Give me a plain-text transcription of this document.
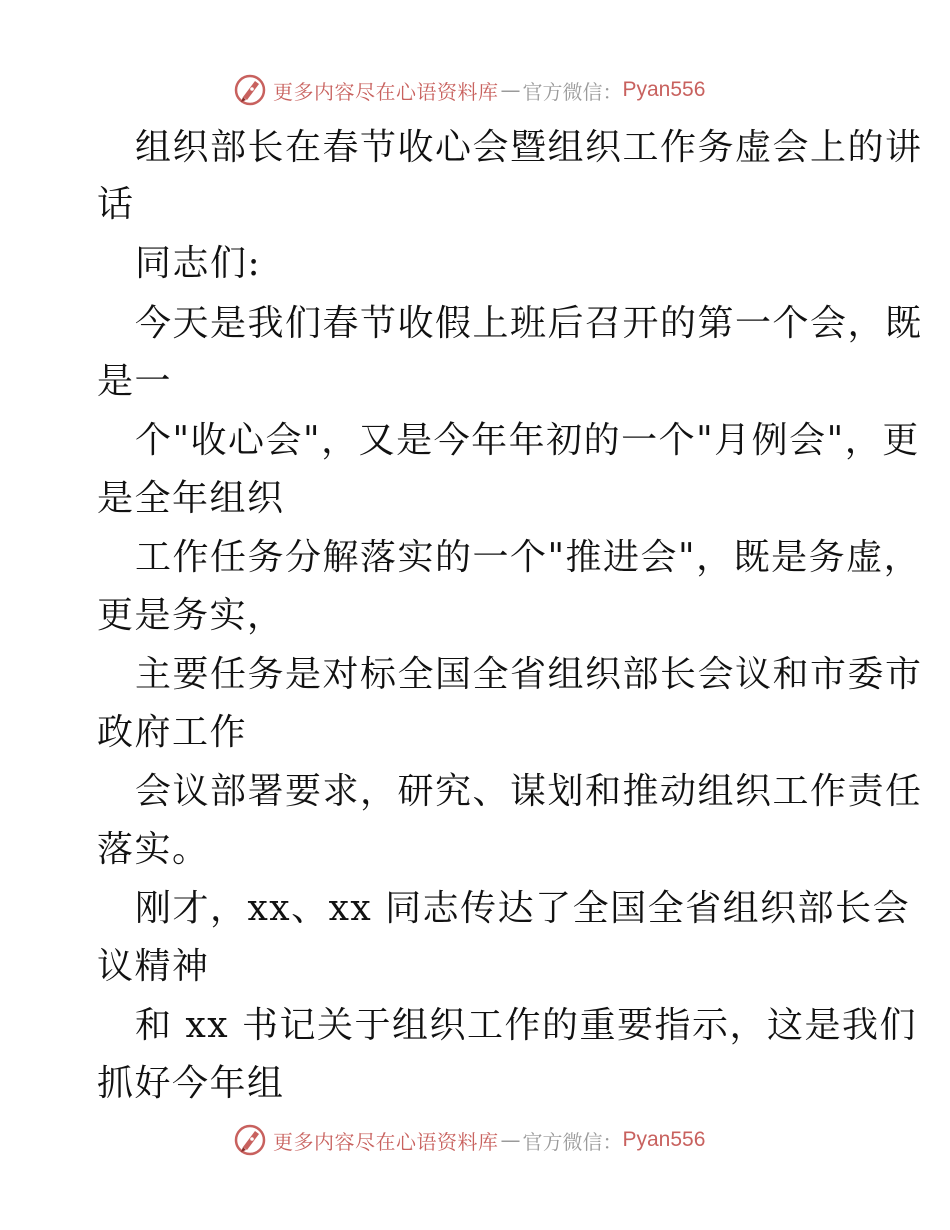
更多内容尽在心语资料库 — 官方微信： Pyan556
组织部长在春节收心会暨组织工作务虚会上的讲
话
同志们:
今天是我们春节收假上班后召开的第一个会，既
是一
个"收心会"，又是今年年初的一个"月例会"，更
是全年组织
工作任务分解落实的一个"推进会"，既是务虚，
更是务实，
主要任务是对标全国全省组织部长会议和市委市
政府工作
会议部署要求，研究、谋划和推动组织工作责任
落实。
刚才，xx、xx 同志传达了全国全省组织部长会
议精神
和 xx 书记关于组织工作的重要指示，这是我们
抓好今年组
更多内容尽在心语资料库 — 官方微信： Pyan556
